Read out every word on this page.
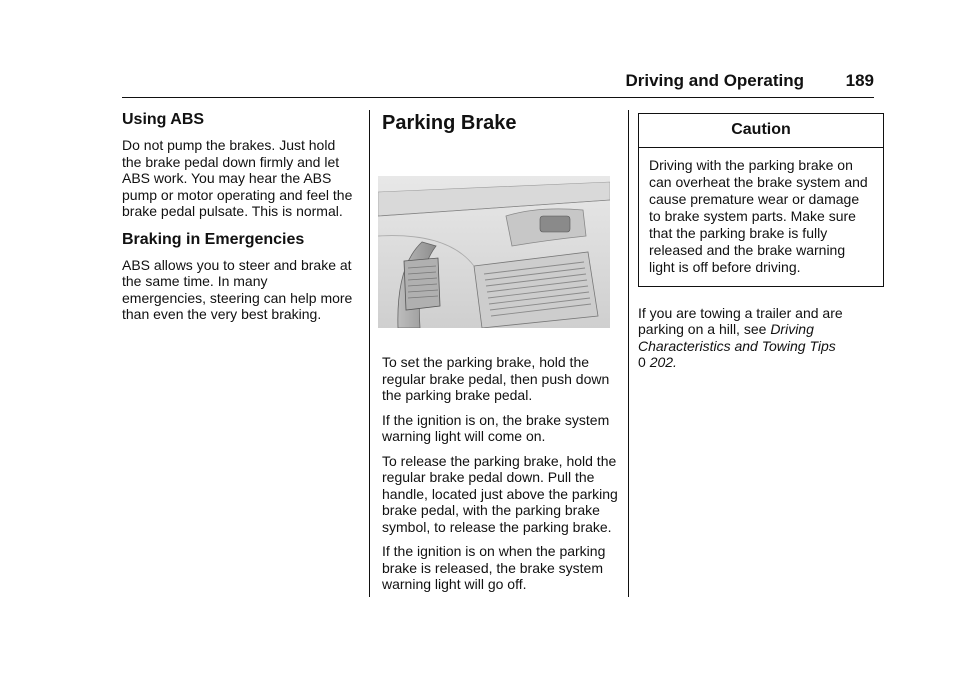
Driving and Operating 189
Using ABS

Do not pump the brakes. Just hold the brake pedal down firmly and let ABS work. You may hear the ABS pump or motor operating and feel the brake pedal pulsate. This is normal.

Braking in Emergencies

ABS allows you to steer and brake at the same time. In many emergencies, steering can help more than even the very best braking.

Parking Brake

To set the parking brake, hold the regular brake pedal, then push down the parking brake pedal.

If the ignition is on, the brake system warning light will come on.

To release the parking brake, hold the regular brake pedal down. Pull the handle, located just above the parking brake pedal, with the parking brake symbol, to release the parking brake.

If the ignition is on when the parking brake is released, the brake system warning light will go off.

Caution
Driving with the parking brake on can overheat the brake system and cause premature wear or damage to brake system parts. Make sure that the parking brake is fully released and the brake warning light is off before driving.

If you are towing a trailer and are parking on a hill, see Driving Characteristics and Towing Tips
0 202.
